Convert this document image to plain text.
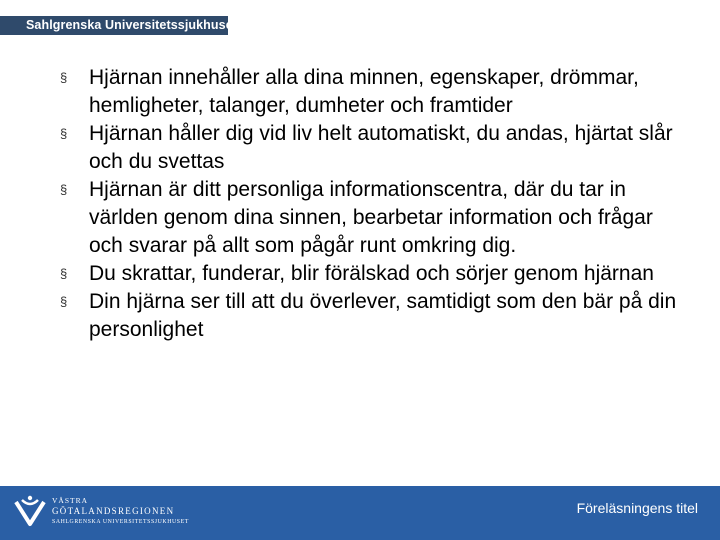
Sahlgrenska Universitetssjukhuset
§ Hjärnan innehåller alla dina minnen, egenskaper, drömmar, hemligheter, talanger, dumheter och framtider
§ Hjärnan håller dig vid liv helt automatiskt, du andas, hjärtat slår och du svettas
§ Hjärnan är ditt personliga informationscentra, där du tar in världen genom dina sinnen, bearbetar information och frågar och svarar på allt som pågår runt omkring dig.
§ Du skrattar, funderar, blir förälskad och sörjer genom hjärnan
§ Din hjärna ser till att du överlever, samtidigt som den bär på din personlighet
VÄSTRA
GÖTALANDSREGIONEN
SAHLGRENSKA UNIVERSITETSSJUKHUSET
Föreläsningens titel
